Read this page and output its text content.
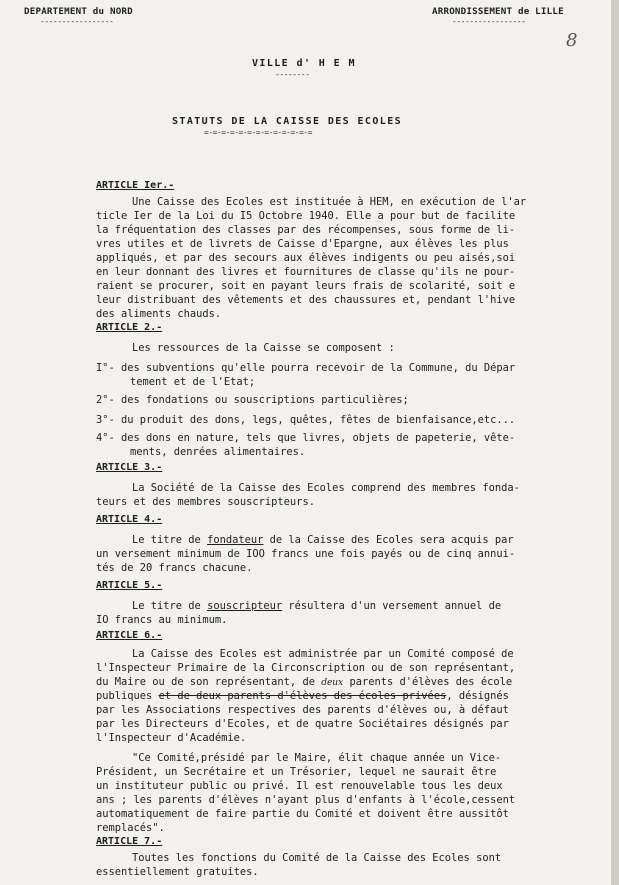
DEPARTEMENT du NORD
-----------------
ARRONDISSEMENT de LILLE
-----------------
8
VILLE d' H E M
--------
STATUTS DE LA CAISSE DES ECOLES
=-=-=-=-=-=-=-=-=-=-=-=-=
ARTICLE Ier.-
Une Caisse des Ecoles est instituée à HEM, en exécution de l'ar
ticle Ier de la Loi du I5 Octobre 1940. Elle a pour but de facilite
la fréquentation des classes par des récompenses, sous forme de li-
vres utiles et de livrets de Caisse d'Epargne, aux élèves les plus
appliqués, et par des secours aux élèves indigents ou peu aisés,soi
en leur donnant des livres et fournitures de classe qu'ils ne pour-
raient se procurer, soit en payant leurs frais de scolarité, soit e
leur distribuant des vêtements et des chaussures et, pendant l'hive
des aliments chauds.
ARTICLE 2.-
Les ressources de la Caisse se composent :
I°- des subventions qu'elle pourra recevoir de la Commune, du Dépar
tement et de l'Etat;
2°- des fondations ou souscriptions particulières;
3°- du produit des dons, legs, quêtes, fêtes de bienfaisance,etc...
4°- des dons en nature, tels que livres, objets de papeterie, vête-
ments, denrées alimentaires.
ARTICLE 3.-
La Société de la Caisse des Ecoles comprend des membres fonda-
teurs et des membres souscripteurs.
ARTICLE 4.-
Le titre de fondateur de la Caisse des Ecoles sera acquis par
un versement minimum de IOO francs une fois payés ou de cinq annui-
tés de 20 francs chacune.
ARTICLE 5.-
Le titre de souscripteur résultera d'un versement annuel de
IO francs au minimum.
ARTICLE 6.-
La Caisse des Ecoles est administrée par un Comité composé de
l'Inspecteur Primaire de la Circonscription ou de son représentant,
du Maire ou de son représentant, de deux parents d'élèves des école
publiques et de deux parents d'élèves des écoles privées, désignés
par les Associations respectives des parents d'élèves ou, à défaut
par les Directeurs d'Ecoles, et de quatre Sociétaires désignés par
l'Inspecteur d'Académie.
"Ce Comité,présidé par le Maire, élit chaque année un Vice-
Président, un Secrétaire et un Trésorier, lequel ne saurait être
un instituteur public ou privé. Il est renouvelable tous les deux
ans ; les parents d'élèves n'ayant plus d'enfants à l'école,cessent
automatiquement de faire partie du Comité et doivent être aussitôt
remplacés".
ARTICLE 7.-
Toutes les fonctions du Comité de la Caisse des Ecoles sont
essentiellement gratuites.
